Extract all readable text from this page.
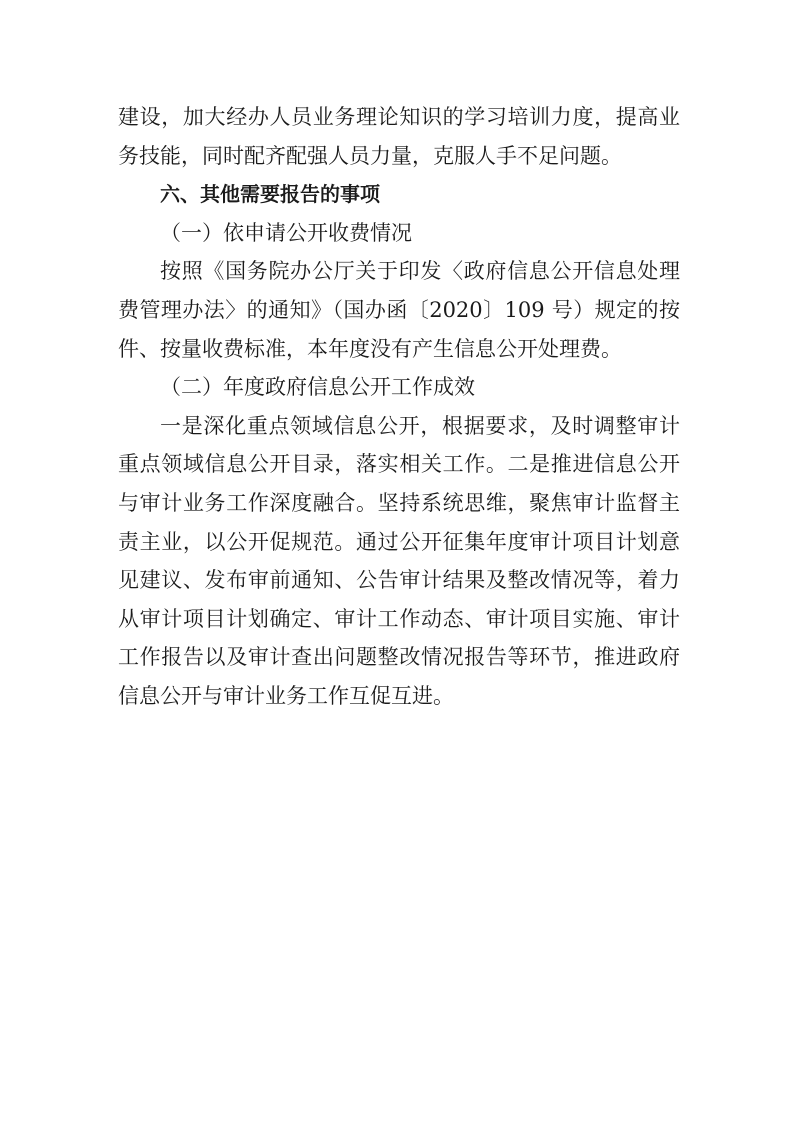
建设，加大经办人员业务理论知识的学习培训力度，提高业
务技能，同时配齐配强人员力量，克服人手不足问题。
六、其他需要报告的事项
（一）依申请公开收费情况
按照《国务院办公厅关于印发〈政府信息公开信息处理
费管理办法〉的通知》（国办函〔2020〕109 号）规定的按
件、按量收费标准，本年度没有产生信息公开处理费。
（二）年度政府信息公开工作成效
一是深化重点领域信息公开，根据要求，及时调整审计
重点领域信息公开目录，落实相关工作。二是推进信息公开
与审计业务工作深度融合。坚持系统思维，聚焦审计监督主
责主业，以公开促规范。通过公开征集年度审计项目计划意
见建议、发布审前通知、公告审计结果及整改情况等，着力
从审计项目计划确定、审计工作动态、审计项目实施、审计
工作报告以及审计查出问题整改情况报告等环节，推进政府
信息公开与审计业务工作互促互进。
